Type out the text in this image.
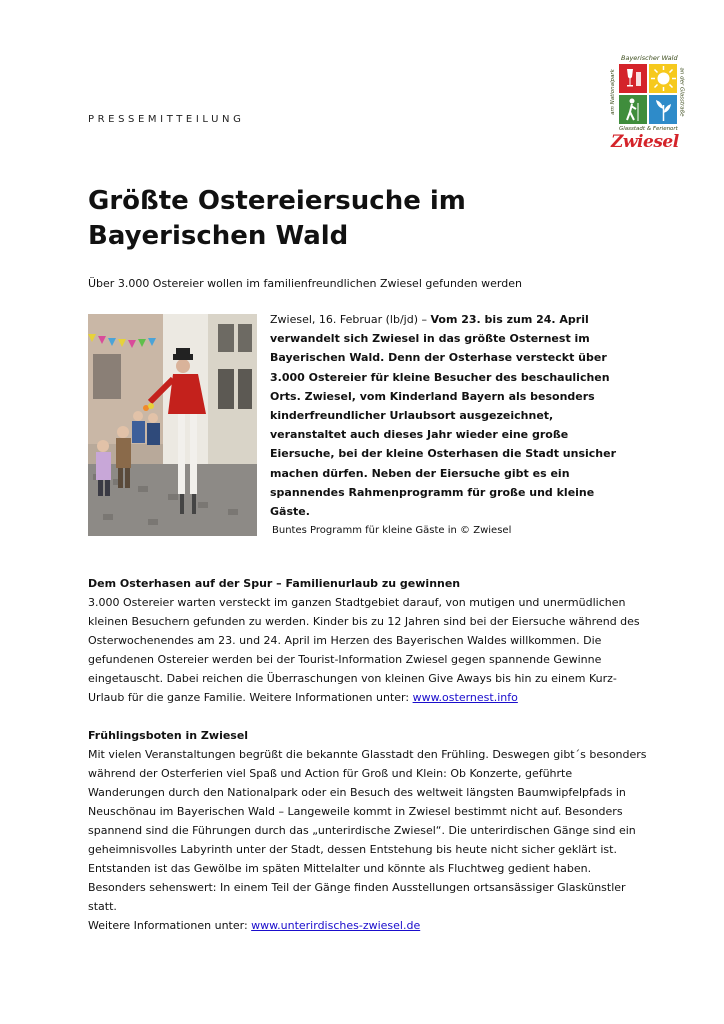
PRESSEMITTEILUNG
Bayerischer Wald
am Nationalpark	an der Glasstraße
Glasstadt & Ferienort
Zwiesel
Größte Ostereiersuche im Bayerischen Wald
Über 3.000 Ostereier wollen im familienfreundlichen Zwiesel gefunden werden
Zwiesel, 16. Februar (lb/jd) – Vom 23. bis zum 24. April verwandelt sich Zwiesel in das größte Osternest im Bayerischen Wald. Denn der Osterhase versteckt über 3.000 Ostereier für kleine Besucher des beschaulichen Orts. Zwiesel, vom Kinderland Bayern als besonders kinderfreundlicher Urlaubsort ausgezeichnet, veranstaltet auch dieses Jahr wieder eine große Eiersuche, bei der kleine Osterhasen die Stadt unsicher machen dürfen. Neben der Eiersuche gibt es ein spannendes Rahmenprogramm für große und kleine Gäste.
Buntes Programm für kleine Gäste in © Zwiesel
Dem Osterhasen auf der Spur – Familienurlaub zu gewinnen
3.000 Ostereier warten versteckt im ganzen Stadtgebiet darauf, von mutigen und unermüdlichen kleinen Besuchern gefunden zu werden. Kinder bis zu 12 Jahren sind bei der Eiersuche während des Osterwochenendes am 23. und 24. April im Herzen des Bayerischen Waldes willkommen. Die gefundenen Ostereier werden bei der Tourist-Information Zwiesel gegen spannende Gewinne eingetauscht. Dabei reichen die Überraschungen von kleinen Give Aways bis hin zu einem Kurz-Urlaub für die ganze Familie. Weitere Informationen unter: www.osternest.info
Frühlingsboten in Zwiesel
Mit vielen Veranstaltungen begrüßt die bekannte Glasstadt den Frühling. Deswegen gibt´s besonders während der Osterferien viel Spaß und Action für Groß und Klein: Ob Konzerte, geführte Wanderungen durch den Nationalpark oder ein Besuch des weltweit längsten Baumwipfelpfads in Neuschönau im Bayerischen Wald – Langeweile kommt in Zwiesel bestimmt nicht auf. Besonders spannend sind die Führungen durch das „unterirdische Zwiesel“. Die unterirdischen Gänge sind ein geheimnisvolles Labyrinth unter der Stadt, dessen Entstehung bis heute nicht sicher geklärt ist. Entstanden ist das Gewölbe im späten Mittelalter und könnte als Fluchtweg gedient haben. Besonders sehenswert: In einem Teil der Gänge finden Ausstellungen ortsansässiger Glaskünstler statt.
Weitere Informationen unter: www.unterirdisches-zwiesel.de
